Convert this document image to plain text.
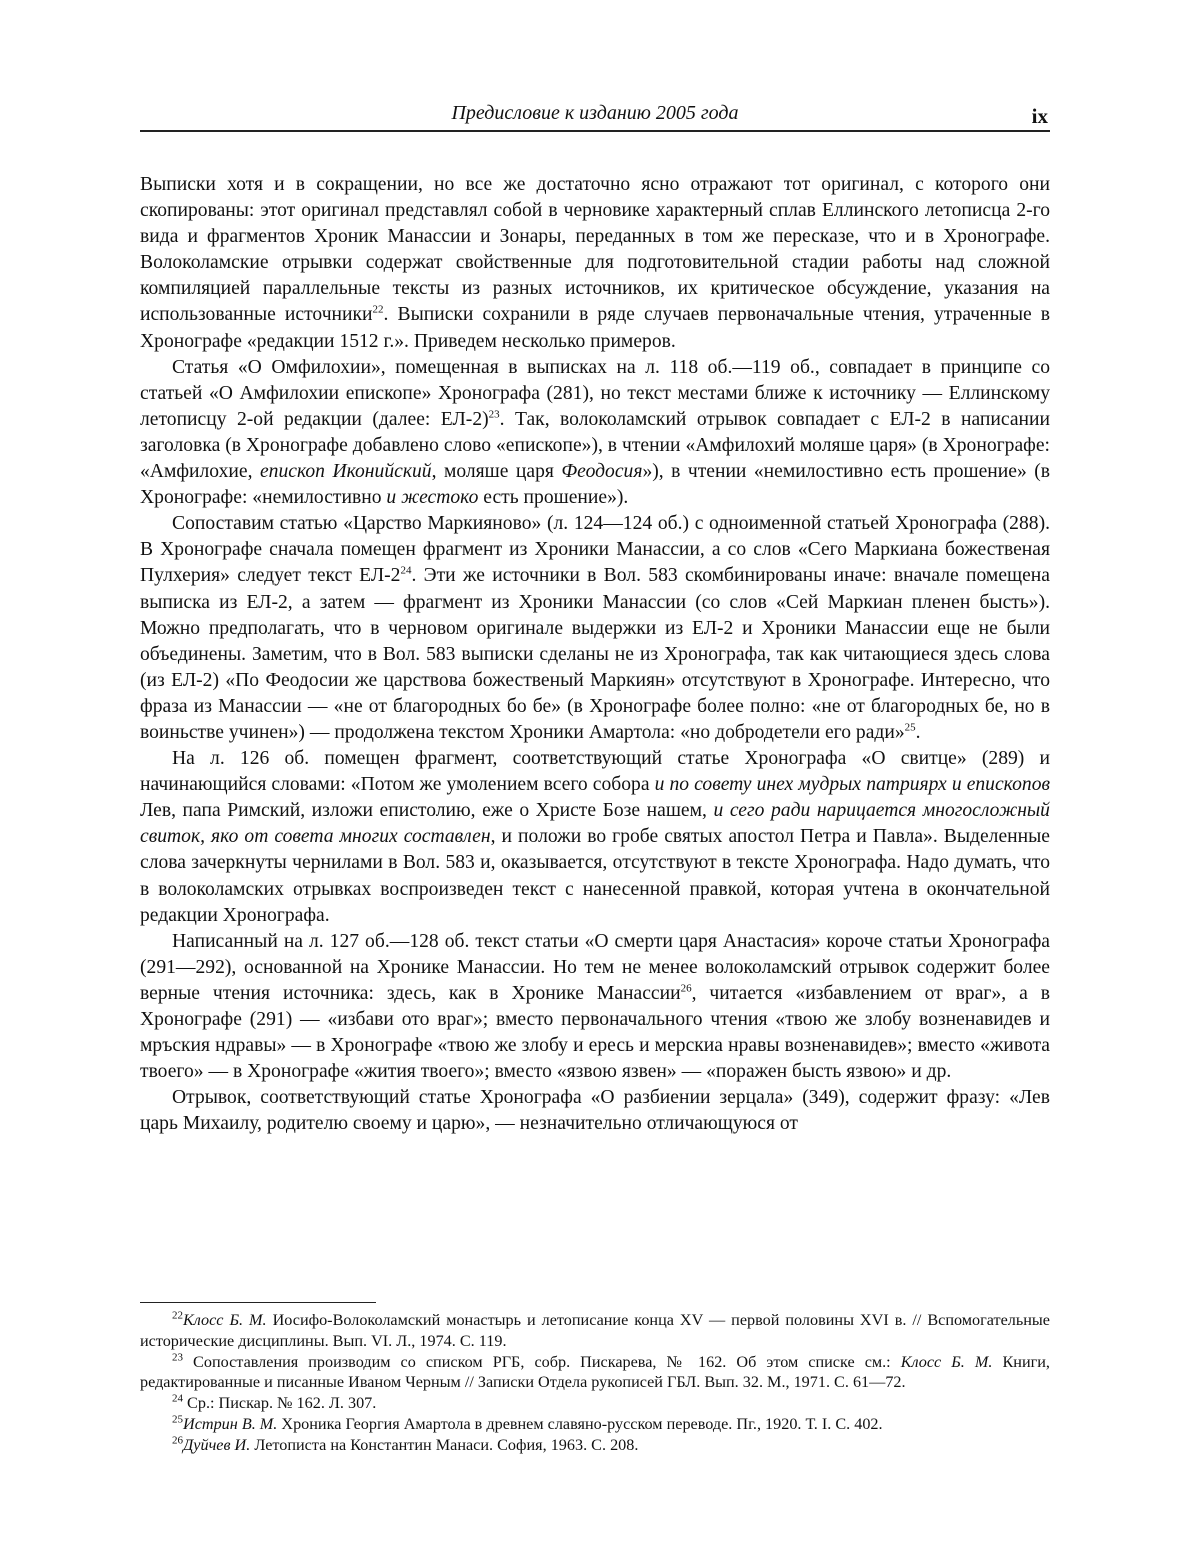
Предисловие к изданию 2005 года	ix

Выписки хотя и в сокращении, но все же достаточно ясно отражают тот оригинал, с которого они скопированы: этот оригинал представлял собой в черновике характерный сплав Еллинского летописца 2-го вида и фрагментов Хроник Манассии и Зонары, переданных в том же пересказе, что и в Хронографе. Волоколамские отрывки содержат свойственные для подготовительной стадии работы над сложной компиляцией параллельные тексты из разных источников, их критическое обсуждение, указания на использованные источники$^{22}$. Выписки сохранили в ряде случаев первоначальные чтения, утраченные в Хронографе «редакции 1512 г.». Приведем несколько примеров.

Статья «О Омфилохии», помещенная в выписках на л. 118 об.—119 об., совпадает в принципе со статьей «О Амфилохии епископе» Хронографа (281), но текст местами ближе к источнику — Еллинскому летописцу 2-ой редакции (далее: ЕЛ-2)$^{23}$. Так, волоколамский отрывок совпадает с ЕЛ-2 в написании заголовка (в Хронографе добавлено слово «епископе»), в чтении «Амфилохий моляше царя» (в Хронографе: «Амфилохие, епископ Иконийский, моляше царя Феодосия»), в чтении «немилостивно есть прошение» (в Хронографе: «немилостивно и жестоко есть прошение»).

Сопоставим статью «Царство Маркияново» (л. 124—124 об.) с одноименной статьей Хронографа (288). В Хронографе сначала помещен фрагмент из Хроники Манассии, а со слов «Сего Маркиана божественая Пулхерия» следует текст $ЕЛ-2^{24}$. Эти же источники в Вол. 583 скомбинированы иначе: вначале помещена выписка из ЕЛ-2, а затем — фрагмент из Хроники Манассии (со слов «Сей Маркиан пленен бысть»). Можно предполагать, что в черновом оригинале выдержки из ЕЛ-2 и Хроники Манассии еще не были объединены. Заметим, что в Вол. 583 выписки сделаны не из Хронографа, так как читающиеся здесь слова (из ЕЛ-2) «По Феодосии же царствова божественый Маркиян» отсутствуют в Хронографе. Интересно, что фраза из Манассии — «не от благородных бо бе» (в Хронографе более полно: «не от благородных бе, но в воиньстве учинен») — продолжена текстом Хроники Амартола: «но добродетели его ради»$^{25}$.

На л. 126 об. помещен фрагмент, соответствующий статье Хронографа «О свитце» (289) и начинающийся словами: «Потом же умолением всего собора и по совету инех мудрых патриярх и епископов Лев, папа Римский, изложи епистолию, еже о Христе Бозе нашем, и сего ради нарицается многосложный свиток, яко от совета многих составлен, и положи во гробе святых апостол Петра и Павла». Выделенные слова зачеркнуты чернилами в Вол. 583 и, оказывается, отсутствуют в тексте Хронографа. Надо думать, что в волоколамских отрывках воспроизведен текст с нанесенной правкой, которая учтена в окончательной редакции Хронографа.

Написанный на л. 127 об.—128 об. текст статьи «О смерти царя Анастасия» короче статьи Хронографа (291—292), основанной на Хронике Манассии. Но тем не менее волоколамский отрывок содержит более верные чтения источника: здесь, как в Хронике Манассии$^{26}$, читается «избавлением от враг», а в Хронографе (291) — «избави ото враг»; вместо первоначального чтения «твою же злобу возненавидев и мръския ндравы» — в Хронографе «твою же злобу и ересь и мерскиа нравы возненавидев»; вместо «живота твоего» — в Хронографе «жития твоего»; вместо «язвою язвен» — «поражен бысть язвою» и др.

Отрывок, соответствующий статье Хронографа «О разбиении зерцала» (349), содержит фразу: «Лев царь Михаилу, родителю своему и царю», — незначительно отличающуюся от

$^{22}$Клосс Б. М. Иосифо-Волоколамский монастырь и летописание конца XV — первой половины XVI в. // Вспомогательные исторические дисциплины. Вып. VI. Л., 1974. С. 119.
$^{23}$ Сопоставления производим со списком РГБ, собр. Пискарева, № 162. Об этом списке см.: Клосс Б. М. Книги, редактированные и писанные Иваном Черным // Записки Отдела рукописей ГБЛ. Вып. 32. М., 1971. С. 61—72.
$^{24}$ Ср.: Пискар. № 162. Л. 307.
$^{25}$Истрин В. М. Хроника Георгия Амартола в древнем славяно-русском переводе. Пг., 1920. Т. I. С. 402.
$^{26}$Дуйчев И. Летописта на Константин Манаси. София, 1963. С. 208.
